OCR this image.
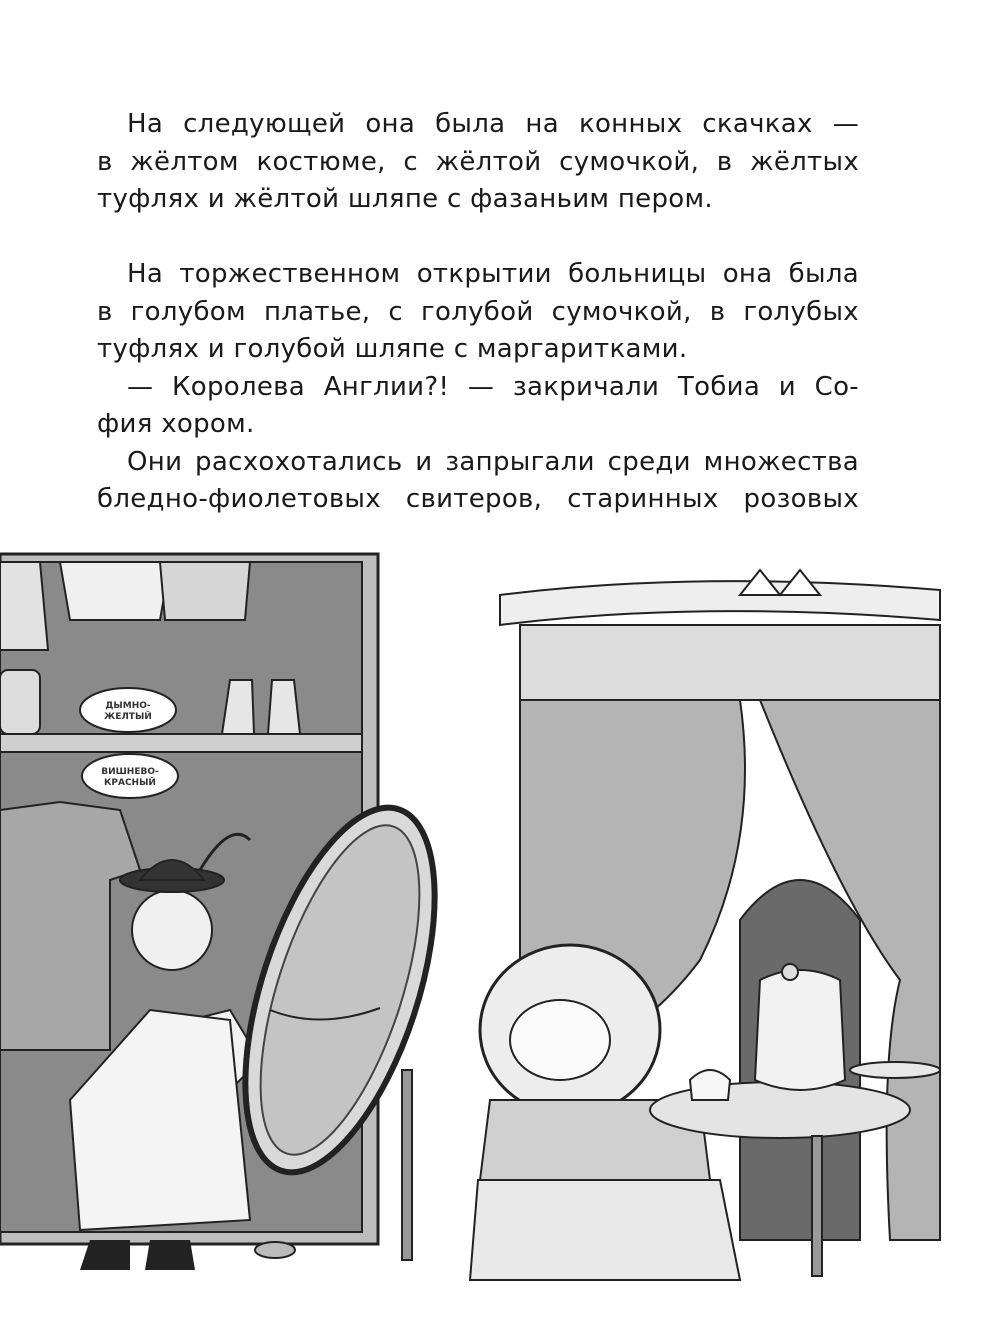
На следующей она была на конных скачках —

в жёлтом костюме, с жёлтой сумочкой, в жёлтых

туфлях и жёлтой шляпе с фазаньим пером.

На торжественном открытии больницы она была

в голубом платье, с голубой сумочкой, в голубых

туфлях и голубой шляпе с маргаритками.

— Королева Англии?! — закричали Тобиа и Со-

фия хором.

Они расхохотались и запрыгали среди множества

бледно-фиолетовых свитеров, старинных розовых

ДЫМНО-
ЖЕЛТЫЙ
ВИШНЕВО-
КРАСНЫЙ
